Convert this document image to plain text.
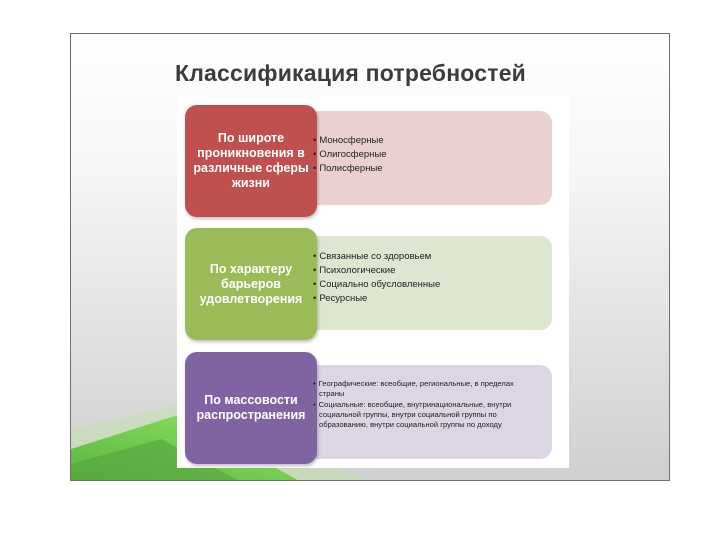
Классификация потребностей
По широте проникновения в различные сферы жизни
• Моносферные
• Олигосферные
• Полисферные
По характеру барьеров удовлетворения
• Связанные со здоровьем
• Психологические
• Социально обусловленные
• Ресурсные
По массовости распространения
• Географические: всеобщие, региональные, в пределах страны
• Социальные: всеобщие, внутринациональные, внутри социальной группы, внутри социальной группы по образованию, внутри социальной группы по доходу
